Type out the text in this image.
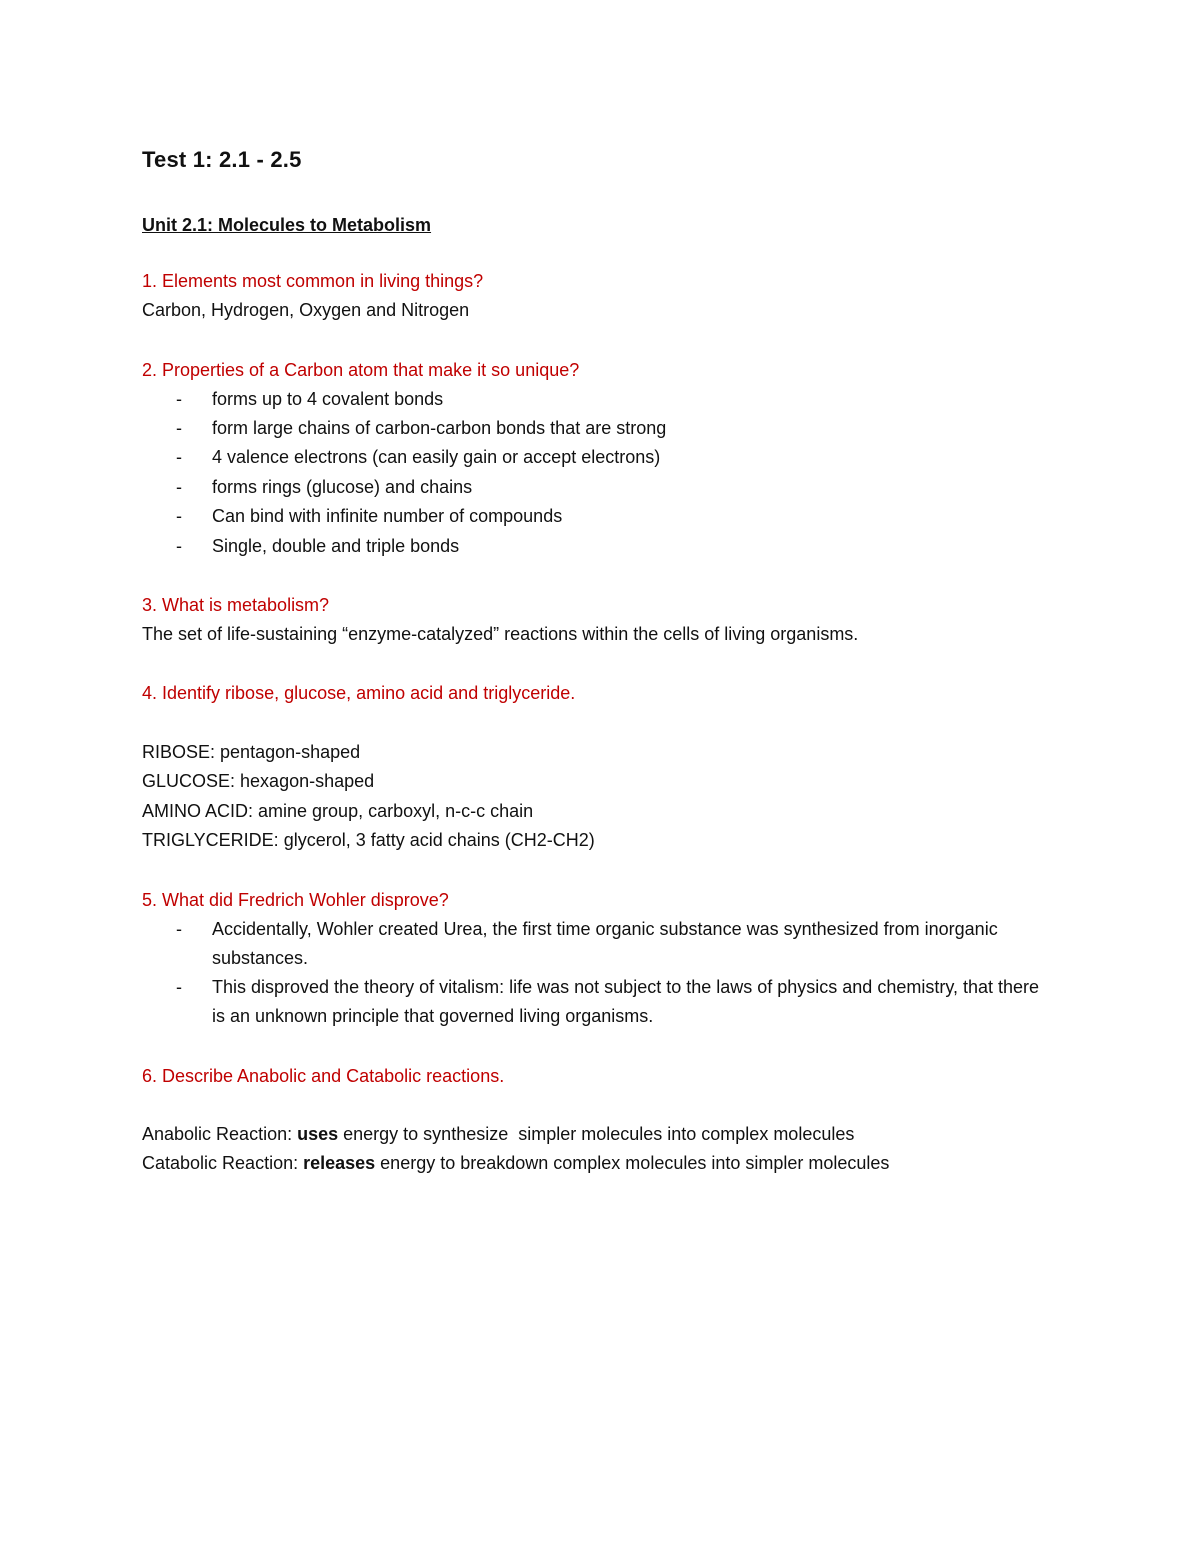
Test 1: 2.1 - 2.5
Unit 2.1: Molecules to Metabolism
1. Elements most common in living things?
Carbon, Hydrogen, Oxygen and Nitrogen
2. Properties of a Carbon atom that make it so unique?
- forms up to 4 covalent bonds
- form large chains of carbon-carbon bonds that are strong
- 4 valence electrons (can easily gain or accept electrons)
- forms rings (glucose) and chains
- Can bind with infinite number of compounds
- Single, double and triple bonds
3. What is metabolism?
The set of life-sustaining “enzyme-catalyzed” reactions within the cells of living organisms.
4. Identify ribose, glucose, amino acid and triglyceride.
RIBOSE: pentagon-shaped
GLUCOSE: hexagon-shaped
AMINO ACID: amine group, carboxyl, n-c-c chain
TRIGLYCERIDE: glycerol, 3 fatty acid chains (CH2-CH2)
5. What did Fredrich Wohler disprove?
- Accidentally, Wohler created Urea, the first time organic substance was synthesized from inorganic substances.
- This disproved the theory of vitalism: life was not subject to the laws of physics and chemistry, that there is an unknown principle that governed living organisms.
6. Describe Anabolic and Catabolic reactions.
Anabolic Reaction: uses energy to synthesize  simpler molecules into complex molecules
Catabolic Reaction: releases energy to breakdown complex molecules into simpler molecules
